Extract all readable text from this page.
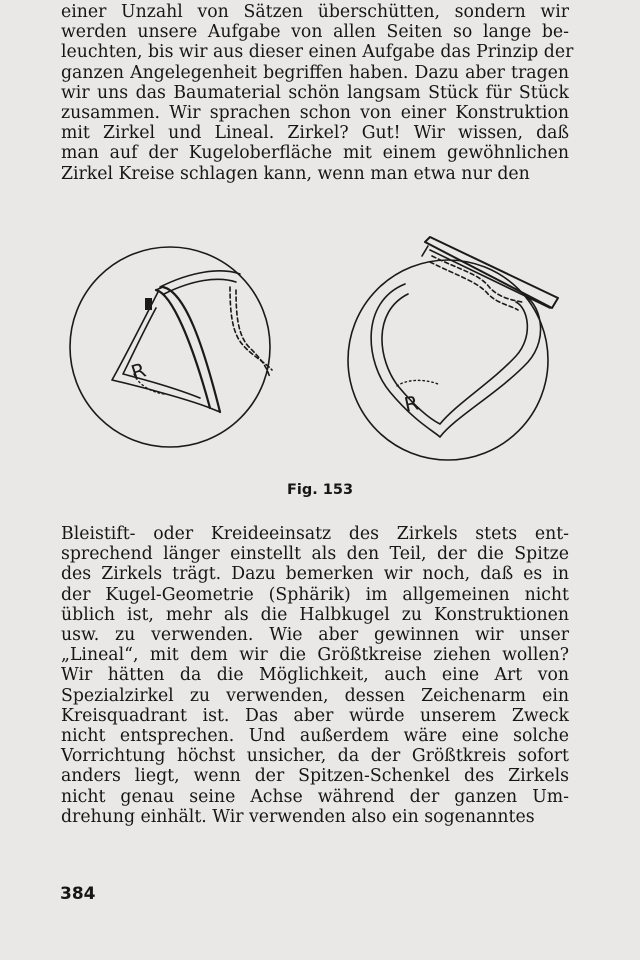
einer Unzahl von Sätzen überschütten, sondern wir
werden unsere Aufgabe von allen Seiten so lange be-
leuchten, bis wir aus dieser einen Aufgabe das Prinzip der
ganzen Angelegenheit begriffen haben. Dazu aber tragen
wir uns das Baumaterial schön langsam Stück für Stück
zusammen. Wir sprachen schon von einer Konstruktion
mit Zirkel und Lineal. Zirkel? Gut! Wir wissen, daß
man auf der Kugeloberfläche mit einem gewöhnlichen
Zirkel Kreise schlagen kann, wenn man etwa nur den

R
R
Fig. 153

Bleistift- oder Kreideeinsatz des Zirkels stets ent-
sprechend länger einstellt als den Teil, der die Spitze
des Zirkels trägt. Dazu bemerken wir noch, daß es in
der Kugel-Geometrie (Sphärik) im allgemeinen nicht
üblich ist, mehr als die Halbkugel zu Konstruktionen
usw. zu verwenden. Wie aber gewinnen wir unser
„Lineal“, mit dem wir die Größtkreise ziehen wollen?
Wir hätten da die Möglichkeit, auch eine Art von
Spezialzirkel zu verwenden, dessen Zeichenarm ein
Kreisquadrant ist. Das aber würde unserem Zweck
nicht entsprechen. Und außerdem wäre eine solche
Vorrichtung höchst unsicher, da der Größtkreis sofort
anders liegt, wenn der Spitzen-Schenkel des Zirkels
nicht genau seine Achse während der ganzen Um-
drehung einhält. Wir verwenden also ein sogenanntes

384
